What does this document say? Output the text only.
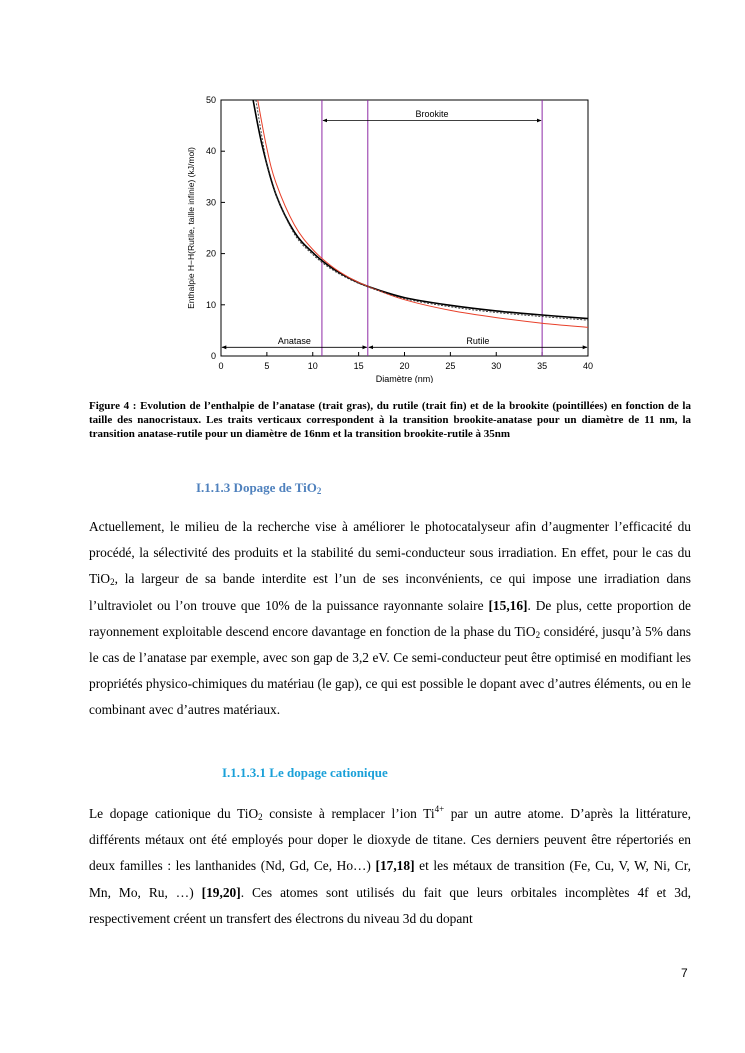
0	5	10	15	20	25	30	35	40
0
10
20
30
40
50
Diamètre (nm)
Enthalpie H−H(Rutile, taille infinie) (kJ/mol)
Brookite
Anatase	Rutile
Figure 4 : Evolution de l’enthalpie de l’anatase (trait gras), du rutile (trait fin) et de la brookite (pointillées) en fonction de la taille des nanocristaux. Les traits verticaux correspondent à la transition brookite-anatase pour un diamètre de 11 nm, la transition anatase-rutile pour un diamètre de 16nm et la transition brookite-rutile à 35nm
I.1.1.3 Dopage de TiO$_2$
Actuellement, le milieu de la recherche vise à améliorer le photocatalyseur afin d’augmenter l’efficacité du procédé, la sélectivité des produits et la stabilité du semi-conducteur sous irradiation. En effet, pour le cas du TiO$_2$, la largeur de sa bande interdite est l’un de ses inconvénients, ce qui impose une irradiation dans l’ultraviolet ou l’on trouve que 10% de la puissance rayonnante solaire [15,16]. De plus, cette proportion de rayonnement exploitable descend encore davantage en fonction de la phase du TiO$_2$ considéré, jusqu’à 5% dans le cas de l’anatase par exemple, avec son gap de 3,2 eV. Ce semi-conducteur peut être optimisé en modifiant les propriétés physico-chimiques du matériau (le gap), ce qui est possible le dopant avec d’autres éléments, ou en le combinant avec d’autres matériaux.
I.1.1.3.1 Le dopage cationique
Le dopage cationique du TiO$_2$ consiste à remplacer l’ion $Ti^{4+}$ par un autre atome. D’après la littérature, différents métaux ont été employés pour doper le dioxyde de titane. Ces derniers peuvent être répertoriés en deux familles : les lanthanides (Nd, Gd, Ce, Ho…) [17,18] et les métaux de transition (Fe, Cu, V, W, Ni, Cr, Mn, Mo, Ru, …) [19,20]. Ces atomes sont utilisés du fait que leurs orbitales incomplètes 4f et 3d, respectivement créent un transfert des électrons du niveau 3d du dopant
7
